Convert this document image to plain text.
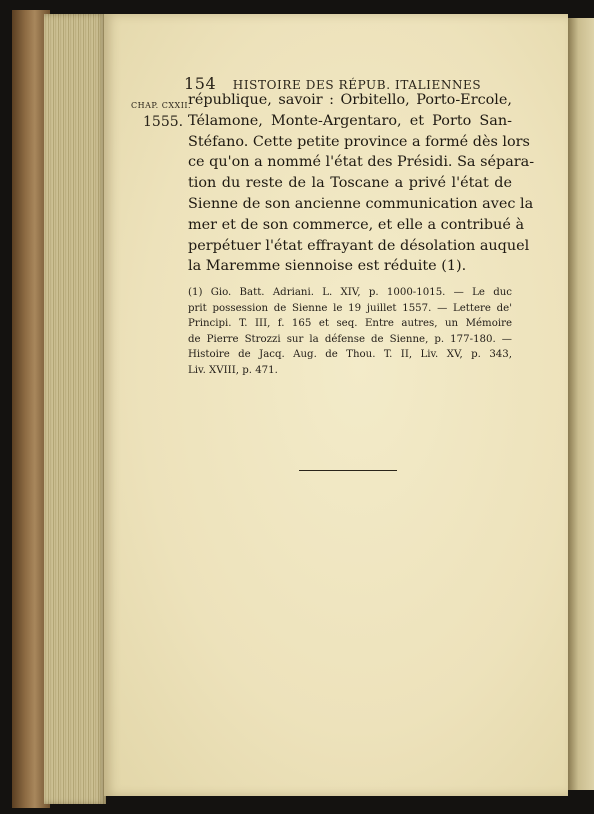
154 HISTOIRE DES RÉPUB. ITALIENNES
CHAP. CXXII.
1555.
république, savoir : Orbitello, Porto-Ercole,
Télamone, Monte-Argentaro, et Porto San-
Stéfano. Cette petite province a formé dès lors
ce qu'on a nommé l'état des Présidi. Sa sépara-
tion du reste de la Toscane a privé l'état de
Sienne de son ancienne communication avec la
mer et de son commerce, et elle a contribué à
perpétuer l'état effrayant de désolation auquel
la Maremme siennoise est réduite (1).
(1) Gio. Batt. Adriani. L. XIV, p. 1000-1015. — Le duc
prit possession de Sienne le 19 juillet 1557. — Lettere de'
Principi. T. III, f. 165 et seq. Entre autres, un Mémoire
de Pierre Strozzi sur la défense de Sienne, p. 177-180. —
Histoire de Jacq. Aug. de Thou. T. II, Liv. XV, p. 343,
Liv. XVIII, p. 471.
